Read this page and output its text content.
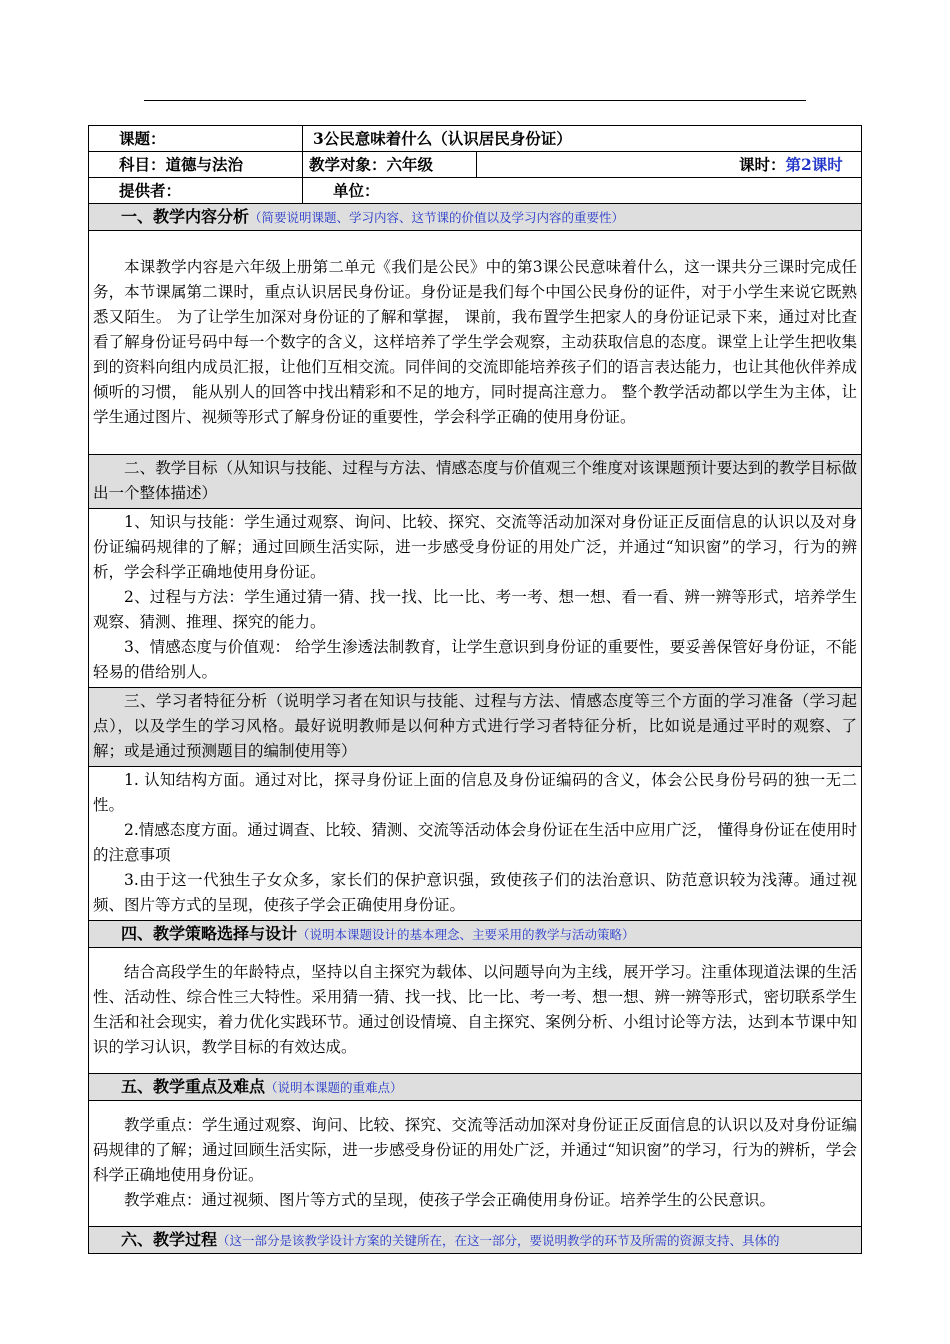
课题：	3公民意味着什么（认识居民身份证）	
科目：道德与法治	教学对象：六年级	课时：第2课时
提供者：	单位：	
一、教学内容分析（简要说明课题、学习内容、这节课的价值以及学习内容的重要性）		

本课教学内容是六年级上册第二单元《我们是公民》中的第3课公民意味着什么，这一课共分三课时完成任务，本节课属第二课时，重点认识居民身份证。身份证是我们每个中国公民身份的证件，对于小学生来说它既熟悉又陌生。 为了让学生加深对身份证的了解和掌握， 课前，我布置学生把家人的身份证记录下来，通过对比查看了解身份证号码中每一个数字的含义，这样培养了学生学会观察，主动获取信息的态度。课堂上让学生把收集到的资料向组内成员汇报，让他们互相交流。同伴间的交流即能培养孩子们的语言表达能力，也让其他伙伴养成倾听的习惯， 能从别人的回答中找出精彩和不足的地方，同时提高注意力。 整个教学活动都以学生为主体，让学生通过图片、视频等形式了解身份证的重要性，学会科学正确的使用身份证。		

二、教学目标（从知识与技能、过程与方法、情感态度与价值观三个维度对该课题预计要达到的教学目标做出一个整体描述）		

1、知识与技能：学生通过观察、询问、比较、探究、交流等活动加深对身份证正反面信息的认识以及对身份证编码规律的了解；通过回顾生活实际，进一步感受身份证的用处广泛，并通过“知识窗”的学习，行为的辨析，学会科学正确地使用身份证。

2、过程与方法：学生通过猜一猜、找一找、比一比、考一考、想一想、看一看、辨一辨等形式，培养学生观察、猜测、推理、探究的能力。

3、情感态度与价值观： 给学生渗透法制教育，让学生意识到身份证的重要性，要妥善保管好身份证，不能轻易的借给别人。		

三、学习者特征分析（说明学习者在知识与技能、过程与方法、情感态度等三个方面的学习准备（学习起点），以及学生的学习风格。最好说明教师是以何种方式进行学习者特征分析，比如说是通过平时的观察、了解；或是通过预测题目的编制使用等）		

1. 认知结构方面。通过对比，探寻身份证上面的信息及身份证编码的含义，体会公民身份号码的独一无二性。

2.情感态度方面。通过调查、比较、猜测、交流等活动体会身份证在生活中应用广泛， 懂得身份证在使用时的注意事项

3.由于这一代独生子女众多，家长们的保护意识强，致使孩子们的法治意识、防范意识较为浅薄。通过视频、图片等方式的呈现，使孩子学会正确使用身份证。		

四、教学策略选择与设计（说明本课题设计的基本理念、主要采用的教学与活动策略）		

结合高段学生的年龄特点，坚持以自主探究为载体、以问题导向为主线，展开学习。注重体现道法课的生活性、活动性、综合性三大特性。采用猜一猜、找一找、比一比、考一考、想一想、辨一辨等形式，密切联系学生生活和社会现实，着力优化实践环节。通过创设情境、自主探究、案例分析、小组讨论等方法，达到本节课中知识的学习认识，教学目标的有效达成。		

五、教学重点及难点（说明本课题的重难点）		

教学重点：学生通过观察、询问、比较、探究、交流等活动加深对身份证正反面信息的认识以及对身份证编码规律的了解；通过回顾生活实际，进一步感受身份证的用处广泛，并通过“知识窗”的学习，行为的辨析，学会科学正确地使用身份证。

教学难点：通过视频、图片等方式的呈现，使孩子学会正确使用身份证。培养学生的公民意识。		

六、教学过程（这一部分是该教学设计方案的关键所在，在这一部分，要说明教学的环节及所需的资源支持、具体的		
